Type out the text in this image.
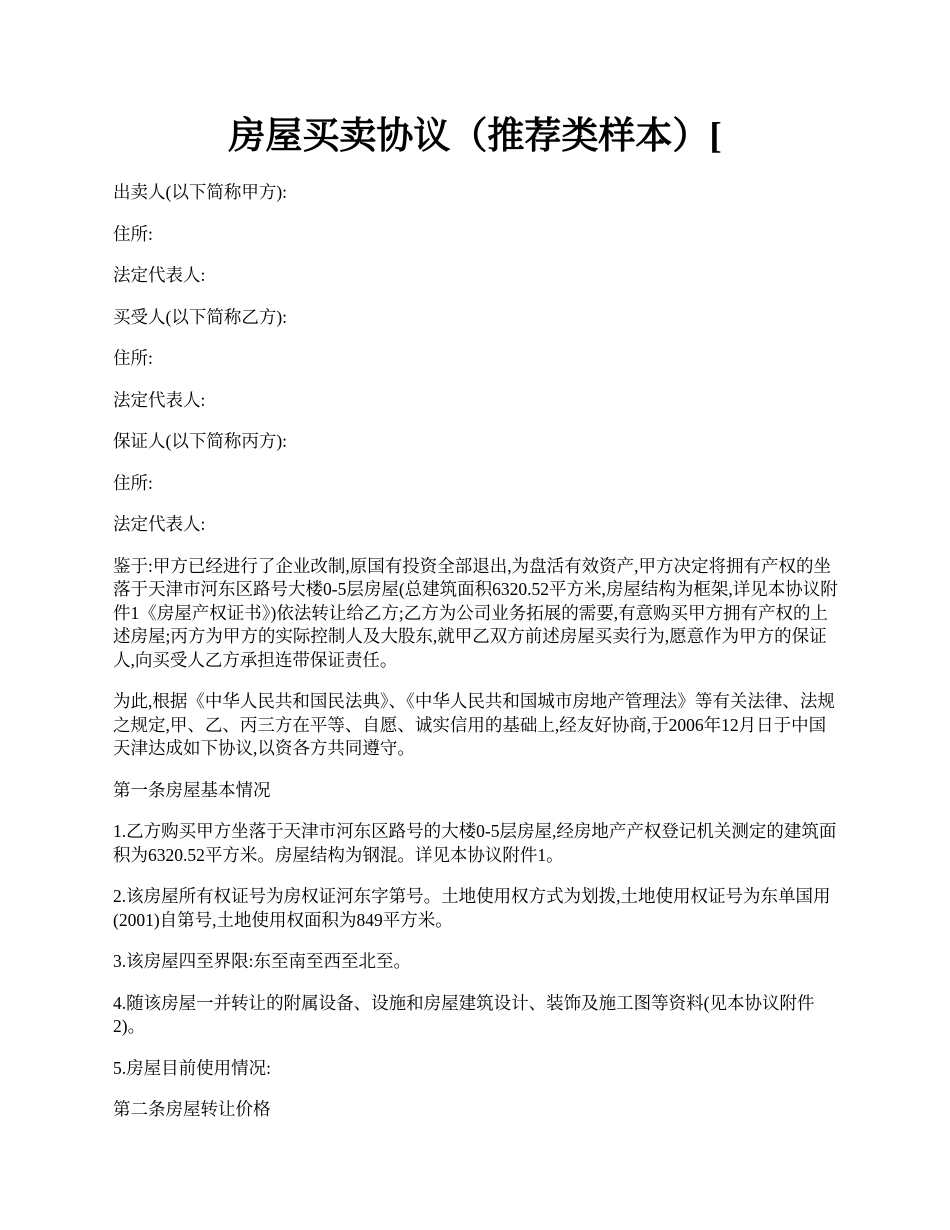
房屋买卖协议（推荐类样本）[

出卖人(以下简称甲方):

住所:

法定代表人:

买受人(以下简称乙方):

住所:

法定代表人:

保证人(以下简称丙方):

住所:

法定代表人:

鉴于:甲方已经进行了企业改制,原国有投资全部退出,为盘活有效资产,甲方决定将拥有产权的坐落于天津市河东区路号大楼0-5层房屋(总建筑面积6320.52平方米,房屋结构为框架,详见本协议附件1《房屋产权证书》)依法转让给乙方;乙方为公司业务拓展的需要,有意购买甲方拥有产权的上述房屋;丙方为甲方的实际控制人及大股东,就甲乙双方前述房屋买卖行为,愿意作为甲方的保证人,向买受人乙方承担连带保证责任。

为此,根据《中华人民共和国民法典》、《中华人民共和国城市房地产管理法》等有关法律、法规之规定,甲、乙、丙三方在平等、自愿、诚实信用的基础上,经友好协商,于2006年12月日于中国天津达成如下协议,以资各方共同遵守。

第一条房屋基本情况

1.乙方购买甲方坐落于天津市河东区路号的大楼0-5层房屋,经房地产产权登记机关测定的建筑面积为6320.52平方米。房屋结构为钢混。详见本协议附件1。

2.该房屋所有权证号为房权证河东字第号。土地使用权方式为划拨,土地使用权证号为东单国用(2001)自第号,土地使用权面积为849平方米。

3.该房屋四至界限:东至南至西至北至。

4.随该房屋一并转让的附属设备、设施和房屋建筑设计、装饰及施工图等资料(见本协议附件2)。

5.房屋目前使用情况:

第二条房屋转让价格
